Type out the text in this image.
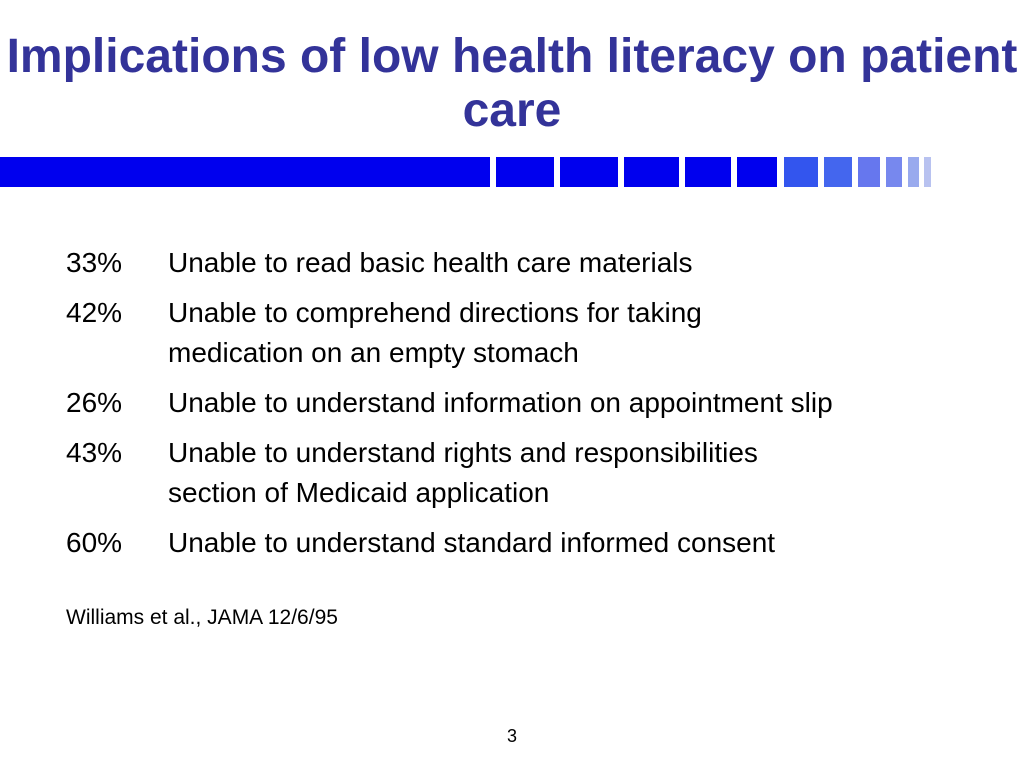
Implications of low health literacy on patient care
33%	Unable to read basic health care materials
42%	Unable to comprehend directions for taking
medication on an empty stomach
26%	Unable to understand information on appointment slip
43%	Unable to understand rights and responsibilities
section of Medicaid application
60%	Unable to understand standard informed consent
Williams et al., JAMA 12/6/95
3
